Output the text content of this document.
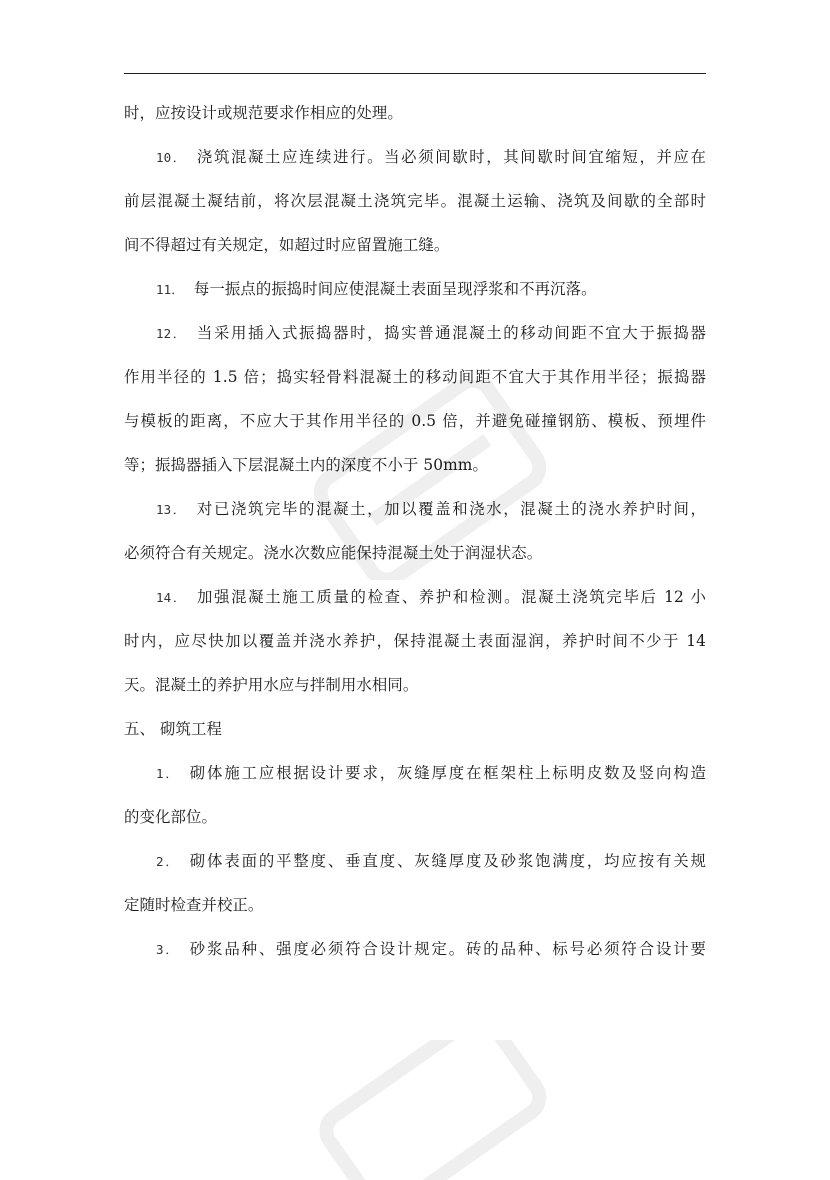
时，应按设计或规范要求作相应的处理。
10． 浇筑混凝土应连续进行。当必须间歇时，其间歇时间宜缩短，并应在
前层混凝土凝结前，将次层混凝土浇筑完毕。混凝土运输、浇筑及间歇的全部时
间不得超过有关规定，如超过时应留置施工缝。
11． 每一振点的振捣时间应使混凝土表面呈现浮浆和不再沉落。
12． 当采用插入式振捣器时，捣实普通混凝土的移动间距不宜大于振捣器
作用半径的 1.5 倍；捣实轻骨料混凝土的移动间距不宜大于其作用半径；振捣器
与模板的距离，不应大于其作用半径的 0.5 倍，并避免碰撞钢筋、模板、预埋件
等；振捣器插入下层混凝土内的深度不小于 50mm。
13． 对已浇筑完毕的混凝土，加以覆盖和浇水，混凝土的浇水养护时间，
必须符合有关规定。浇水次数应能保持混凝土处于润湿状态。
14． 加强混凝土施工质量的检查、养护和检测。混凝土浇筑完毕后 12 小
时内，应尽快加以覆盖并浇水养护，保持混凝土表面湿润，养护时间不少于 14
天。混凝土的养护用水应与拌制用水相同。
五、 砌筑工程
1． 砌体施工应根据设计要求，灰缝厚度在框架柱上标明皮数及竖向构造
的变化部位。
2． 砌体表面的平整度、垂直度、灰缝厚度及砂浆饱满度，均应按有关规
定随时检查并校正。
3． 砂浆品种、强度必须符合设计规定。砖的品种、标号必须符合设计要
